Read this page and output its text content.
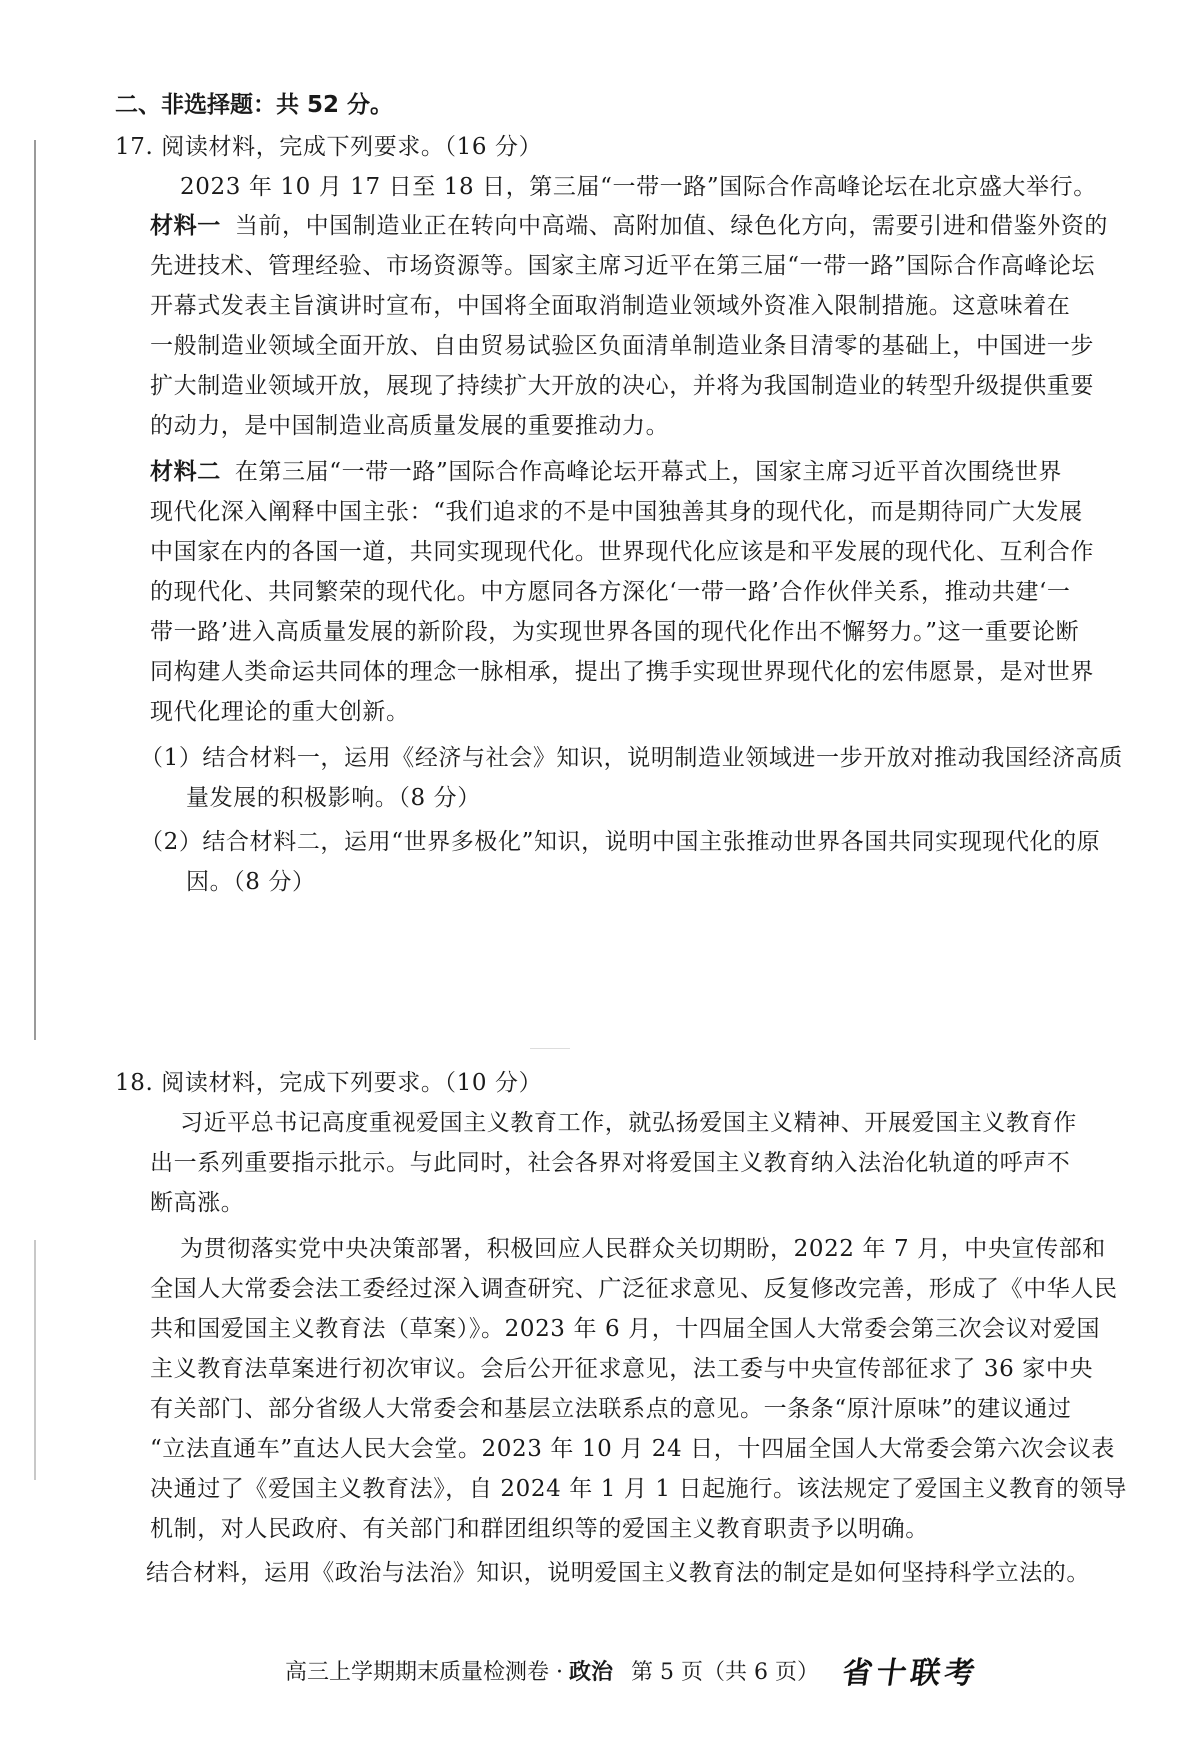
二、非选择题：共 52 分。
17. 阅读材料，完成下列要求。（16 分）
2023 年 10 月 17 日至 18 日，第三届“一带一路”国际合作高峰论坛在北京盛大举行。
材料一 当前，中国制造业正在转向中高端、高附加值、绿色化方向，需要引进和借鉴外资的
先进技术、管理经验、市场资源等。国家主席习近平在第三届“一带一路”国际合作高峰论坛
开幕式发表主旨演讲时宣布，中国将全面取消制造业领域外资准入限制措施。这意味着在
一般制造业领域全面开放、自由贸易试验区负面清单制造业条目清零的基础上，中国进一步
扩大制造业领域开放，展现了持续扩大开放的决心，并将为我国制造业的转型升级提供重要
的动力，是中国制造业高质量发展的重要推动力。
材料二 在第三届“一带一路”国际合作高峰论坛开幕式上，国家主席习近平首次围绕世界
现代化深入阐释中国主张：“我们追求的不是中国独善其身的现代化，而是期待同广大发展
中国家在内的各国一道，共同实现现代化。世界现代化应该是和平发展的现代化、互利合作
的现代化、共同繁荣的现代化。中方愿同各方深化‘一带一路’合作伙伴关系，推动共建‘一
带一路’进入高质量发展的新阶段，为实现世界各国的现代化作出不懈努力。”这一重要论断
同构建人类命运共同体的理念一脉相承，提出了携手实现世界现代化的宏伟愿景，是对世界
现代化理论的重大创新。
（1）结合材料一，运用《经济与社会》知识，说明制造业领域进一步开放对推动我国经济高质
量发展的积极影响。（8 分）
（2）结合材料二，运用“世界多极化”知识，说明中国主张推动世界各国共同实现现代化的原
因。（8 分）
18. 阅读材料，完成下列要求。（10 分）
习近平总书记高度重视爱国主义教育工作，就弘扬爱国主义精神、开展爱国主义教育作
出一系列重要指示批示。与此同时，社会各界对将爱国主义教育纳入法治化轨道的呼声不
断高涨。
为贯彻落实党中央决策部署，积极回应人民群众关切期盼，2022 年 7 月，中央宣传部和
全国人大常委会法工委经过深入调查研究、广泛征求意见、反复修改完善，形成了《中华人民
共和国爱国主义教育法（草案）》。2023 年 6 月，十四届全国人大常委会第三次会议对爱国
主义教育法草案进行初次审议。会后公开征求意见，法工委与中央宣传部征求了 36 家中央
有关部门、部分省级人大常委会和基层立法联系点的意见。一条条“原汁原味”的建议通过
“立法直通车”直达人民大会堂。2023 年 10 月 24 日，十四届全国人大常委会第六次会议表
决通过了《爱国主义教育法》，自 2024 年 1 月 1 日起施行。该法规定了爱国主义教育的领导
机制，对人民政府、有关部门和群团组织等的爱国主义教育职责予以明确。
结合材料，运用《政治与法治》知识，说明爱国主义教育法的制定是如何坚持科学立法的。
高三上学期期末质量检测卷 · 政治 第 5 页（共 6 页） 省十联考
